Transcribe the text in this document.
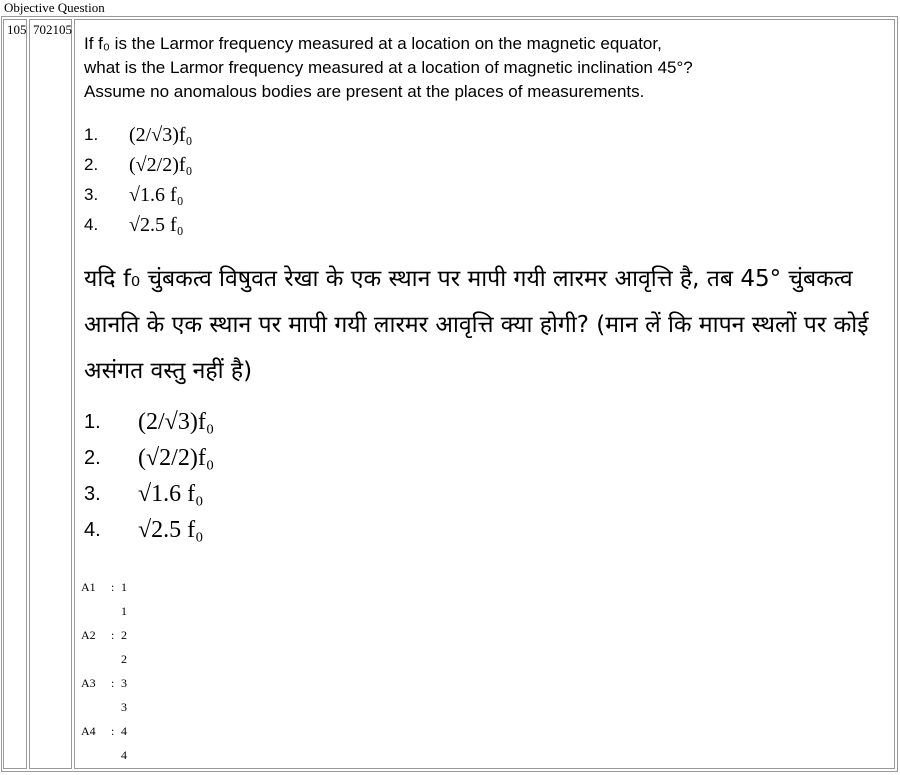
Objective Question
105 702105
If f₀ is the Larmor frequency measured at a location on the magnetic equator,
what is the Larmor frequency measured at a location of magnetic inclination 45°?
Assume no anomalous bodies are present at the places of measurements.
1.	(2/√3)f₀
2.	(√2/2)f₀
3.	√1.6 f₀
4.	√2.5 f₀
यदि f₀ चुंबकत्व विषुवत रेखा के एक स्थान पर मापी गयी लारमर आवृत्ति है, तब 45° चुंबकत्व आनति के एक स्थान पर मापी गयी लारमर आवृत्ति क्या होगी? (मान लें कि मापन स्थलों पर कोई असंगत वस्तु नहीं है)
1.	(2/√3)f₀
2.	(√2/2)f₀
3.	√1.6 f₀
4.	√2.5 f₀
A1	: 1
1
A2	: 2
2
A3	: 3
3
A4	: 4
4
